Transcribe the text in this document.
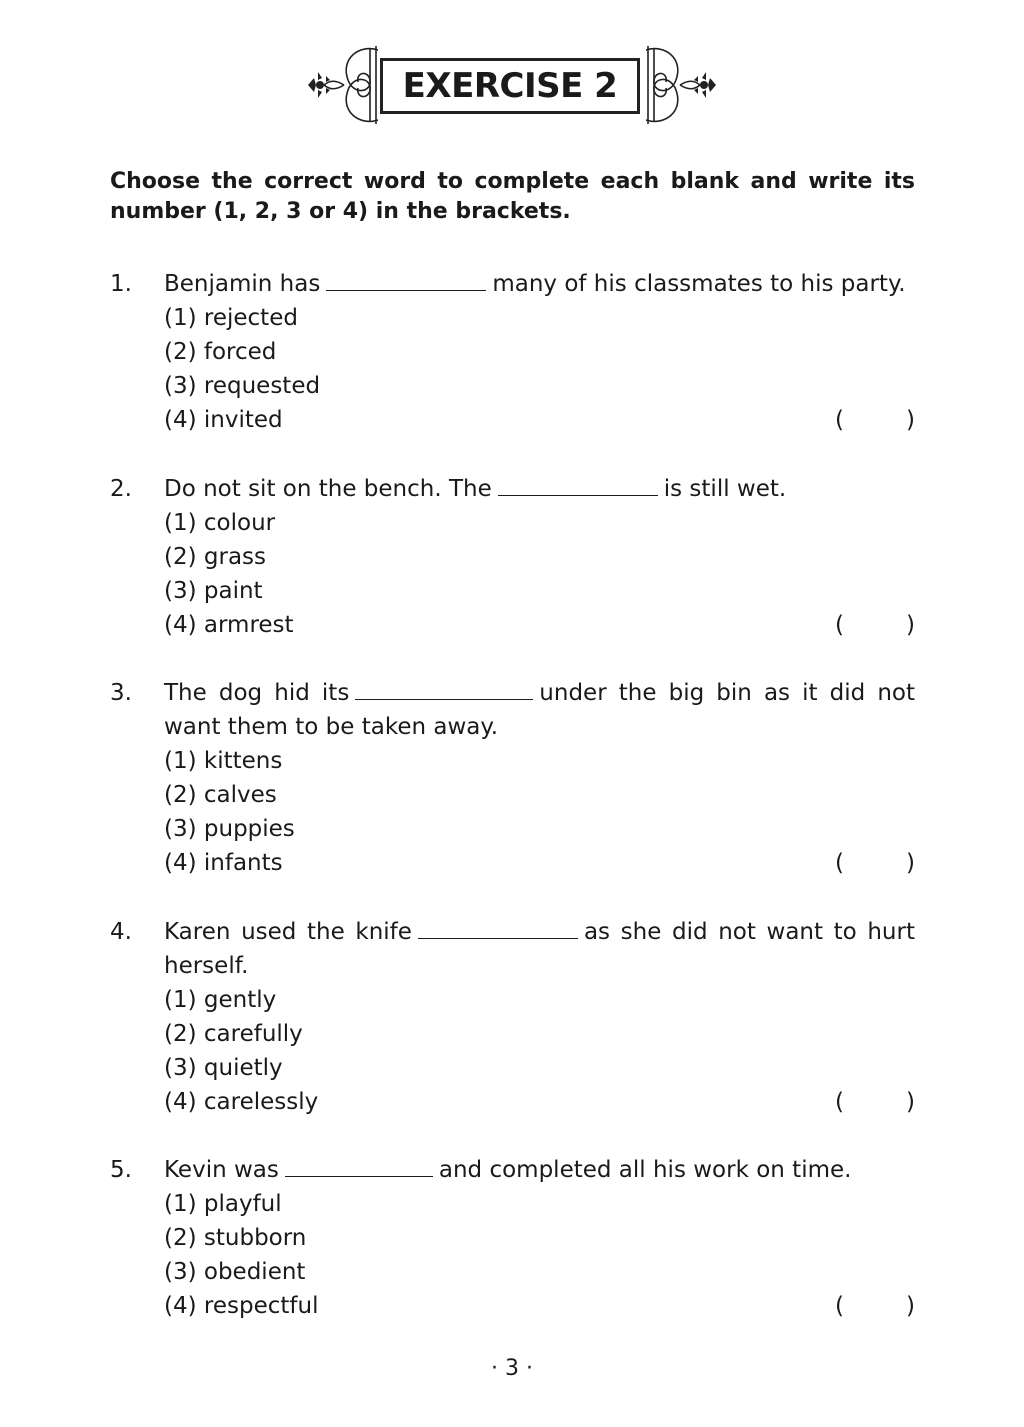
EXERCISE 2
Choose the correct word to complete each blank and write its number (1, 2, 3 or 4) in the brackets.
1. Benjamin has	many of his classmates to his party.
(1) rejected
(2) forced
(3) requested
(4) invited	(	)
2. Do not sit on the bench. The	is still wet.
(1) colour
(2) grass
(3) paint
(4) armrest	(	)
3. The dog hid its	under the big bin as it did not want them to be taken away.
(1) kittens
(2) calves
(3) puppies
(4) infants	(	)
4. Karen used the knife	as she did not want to hurt herself.
(1) gently
(2) carefully
(3) quietly
(4) carelessly	(	)
5. Kevin was	and completed all his work on time.
(1) playful
(2) stubborn
(3) obedient
(4) respectful	(	)
· 3 ·
